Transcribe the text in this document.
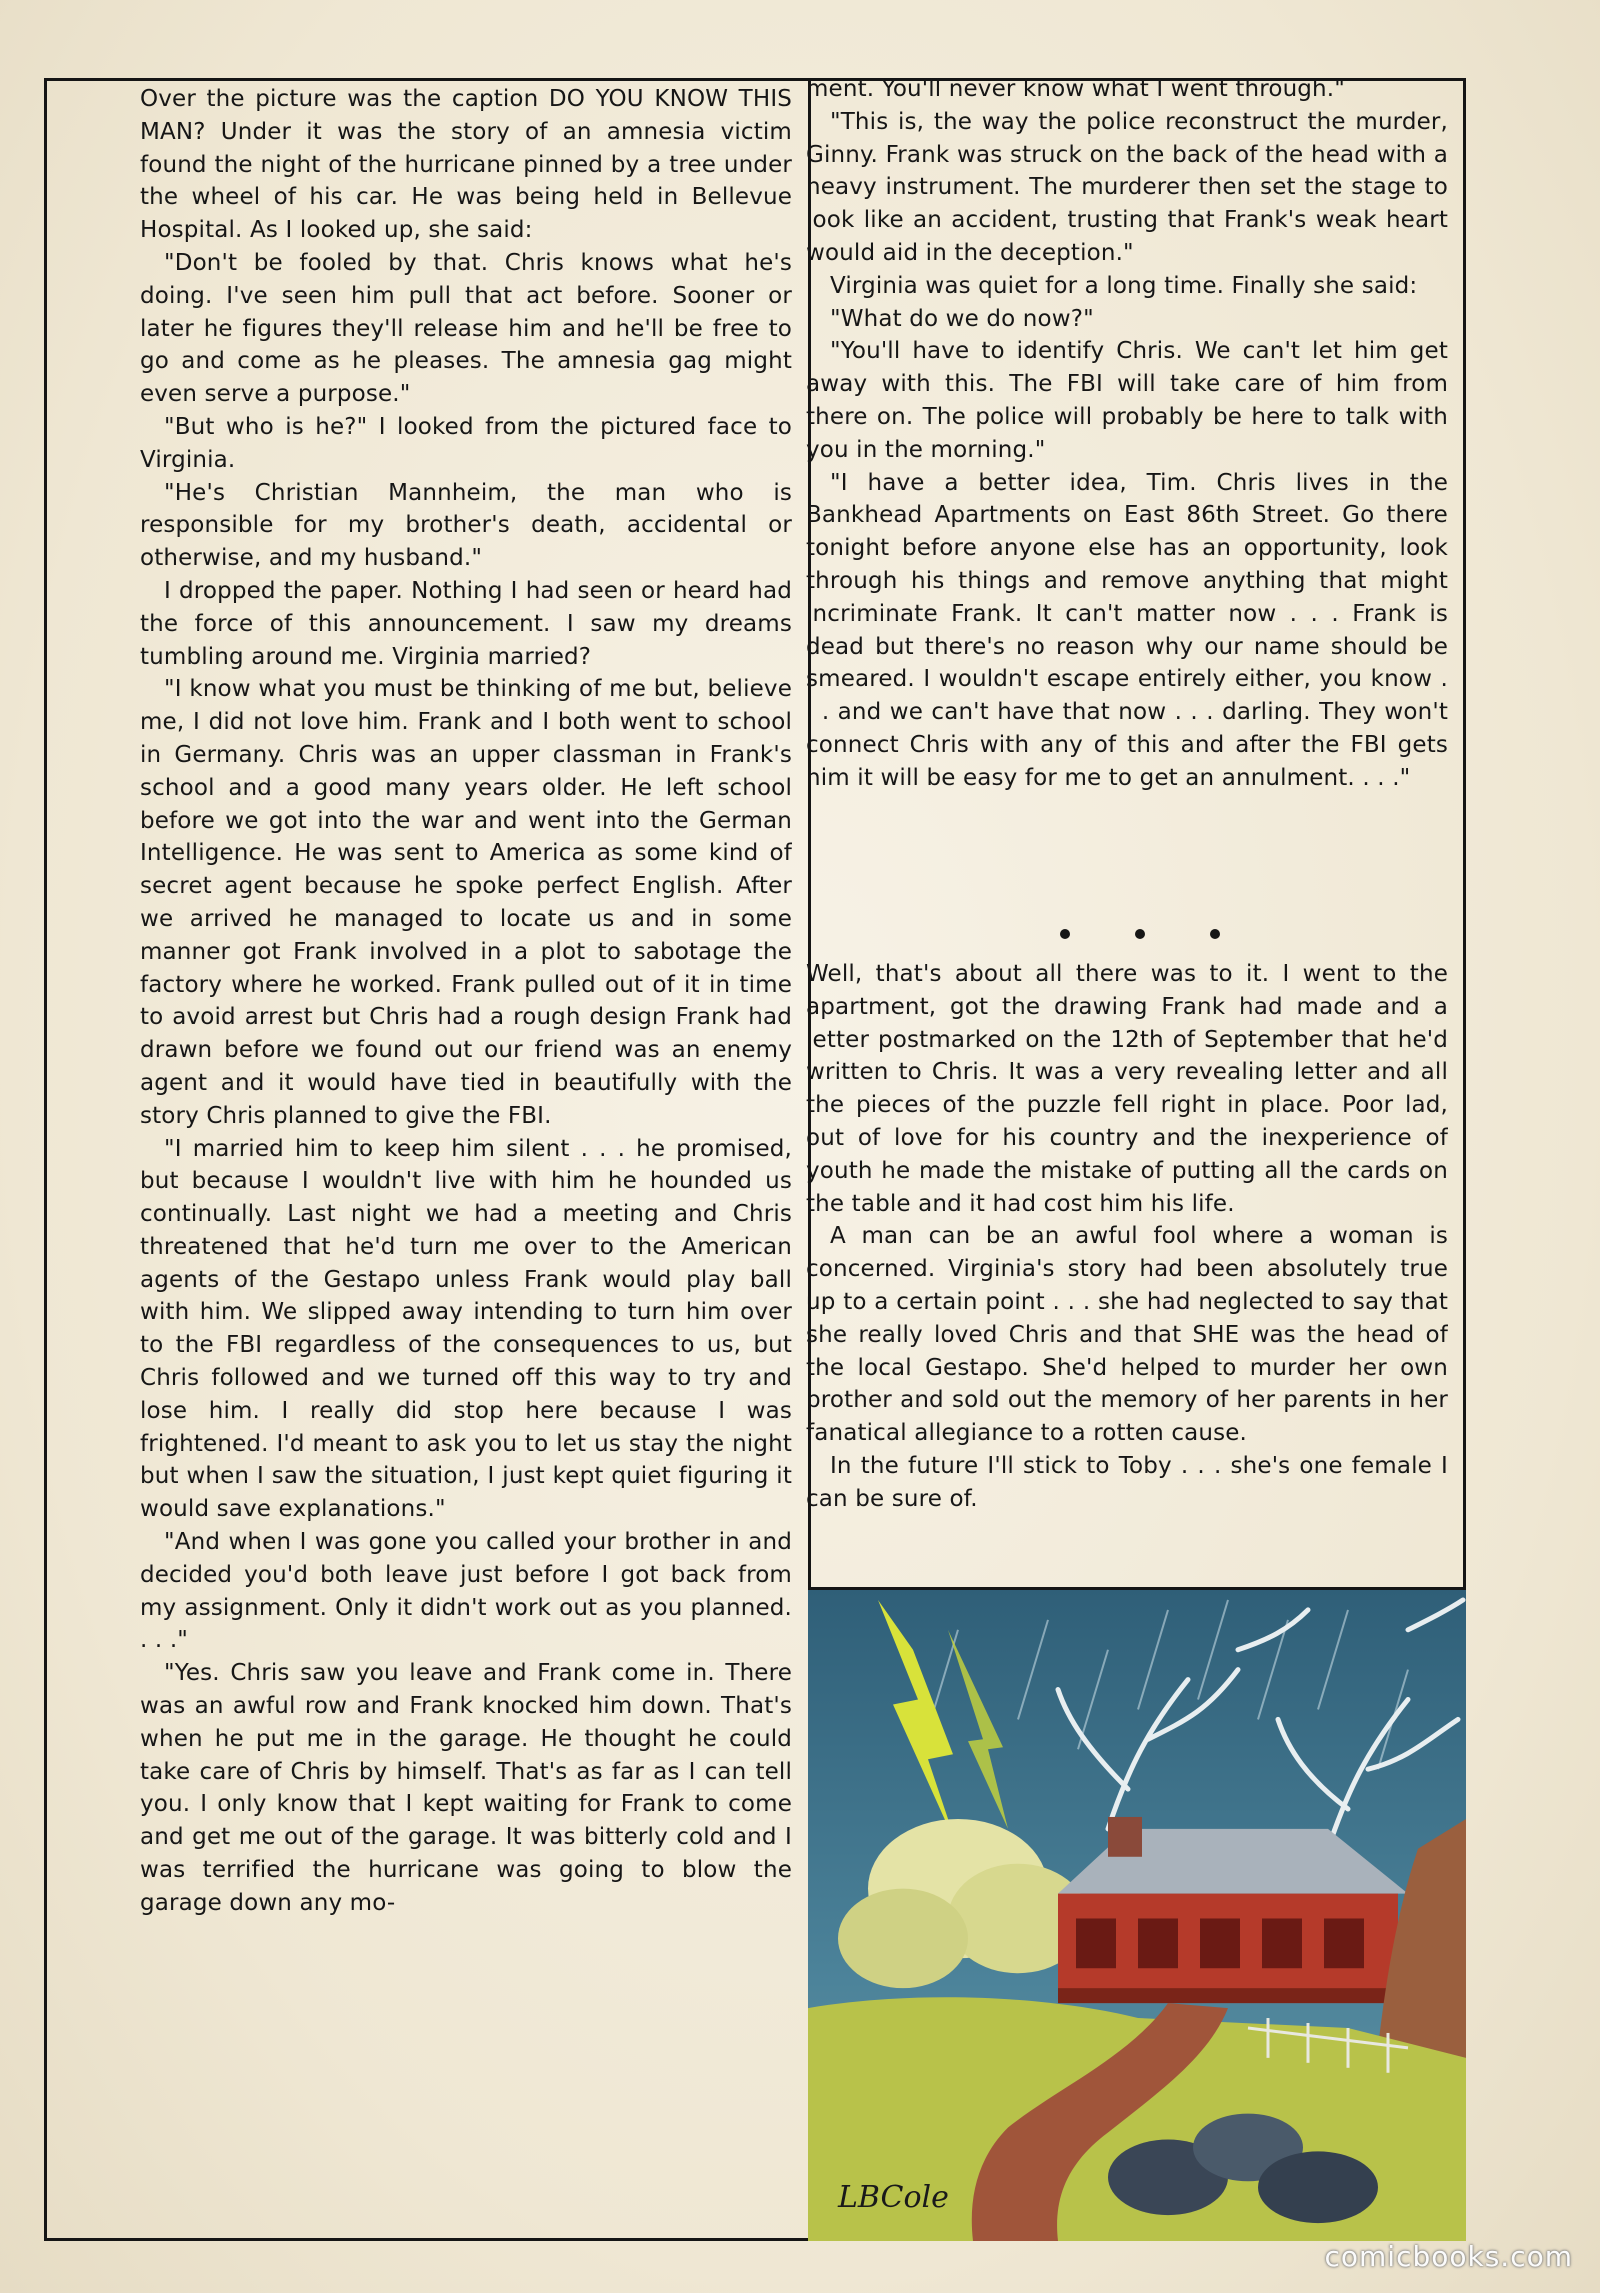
Over the picture was the caption DO YOU KNOW THIS MAN? Under it was the story of an amnesia victim found the night of the hurricane pinned by a tree under the wheel of his car. He was being held in Bellevue Hospital. As I looked up, she said:

"Don't be fooled by that. Chris knows what he's doing. I've seen him pull that act before. Sooner or later he figures they'll release him and he'll be free to go and come as he pleases. The amnesia gag might even serve a purpose."

"But who is he?" I looked from the pictured face to Virginia.

"He's Christian Mannheim, the man who is responsible for my brother's death, accidental or otherwise, and my husband."

I dropped the paper. Nothing I had seen or heard had the force of this announcement. I saw my dreams tumbling around me. Virginia married?

"I know what you must be thinking of me but, believe me, I did not love him. Frank and I both went to school in Germany. Chris was an upper classman in Frank's school and a good many years older. He left school before we got into the war and went into the German Intelligence. He was sent to America as some kind of secret agent because he spoke perfect English. After we arrived he managed to locate us and in some manner got Frank involved in a plot to sabotage the factory where he worked. Frank pulled out of it in time to avoid arrest but Chris had a rough design Frank had drawn before we found out our friend was an enemy agent and it would have tied in beautifully with the story Chris planned to give the FBI.

"I married him to keep him silent . . . he promised, but because I wouldn't live with him he hounded us continually. Last night we had a meeting and Chris threatened that he'd turn me over to the American agents of the Gestapo unless Frank would play ball with him. We slipped away intending to turn him over to the FBI regardless of the consequences to us, but Chris followed and we turned off this way to try and lose him. I really did stop here because I was frightened. I'd meant to ask you to let us stay the night but when I saw the situation, I just kept quiet figuring it would save explanations."

"And when I was gone you called your brother in and decided you'd both leave just before I got back from my assignment. Only it didn't work out as you planned. . . ."

"Yes. Chris saw you leave and Frank come in. There was an awful row and Frank knocked him down. That's when he put me in the garage. He thought he could take care of Chris by himself. That's as far as I can tell you. I only know that I kept waiting for Frank to come and get me out of the garage. It was bitterly cold and I was terrified the hurricane was going to blow the garage down any mo-

ment. You'll never know what I went through."

"This is, the way the police reconstruct the murder, Ginny. Frank was struck on the back of the head with a heavy instrument. The murderer then set the stage to look like an accident, trusting that Frank's weak heart would aid in the deception."

Virginia was quiet for a long time. Finally she said:

"What do we do now?"

"You'll have to identify Chris. We can't let him get away with this. The FBI will take care of him from there on. The police will probably be here to talk with you in the morning."

"I have a better idea, Tim. Chris lives in the Bankhead Apartments on East 86th Street. Go there tonight before anyone else has an opportunity, look through his things and remove anything that might incriminate Frank. It can't matter now . . . Frank is dead but there's no reason why our name should be smeared. I wouldn't escape entirely either, you know . . . and we can't have that now . . . darling. They won't connect Chris with any of this and after the FBI gets him it will be easy for me to get an annulment. . . ."

Well, that's about all there was to it. I went to the apartment, got the drawing Frank had made and a letter postmarked on the 12th of September that he'd written to Chris. It was a very revealing letter and all the pieces of the puzzle fell right in place. Poor lad, out of love for his country and the inexperience of youth he made the mistake of putting all the cards on the table and it had cost him his life.

A man can be an awful fool where a woman is concerned. Virginia's story had been absolutely true up to a certain point . . . she had neglected to say that she really loved Chris and that SHE was the head of the local Gestapo. She'd helped to murder her own brother and sold out the memory of her parents in her fanatical allegiance to a rotten cause.

In the future I'll stick to Toby . . . she's one female I can be sure of.

LBCole
comicbooks.com
